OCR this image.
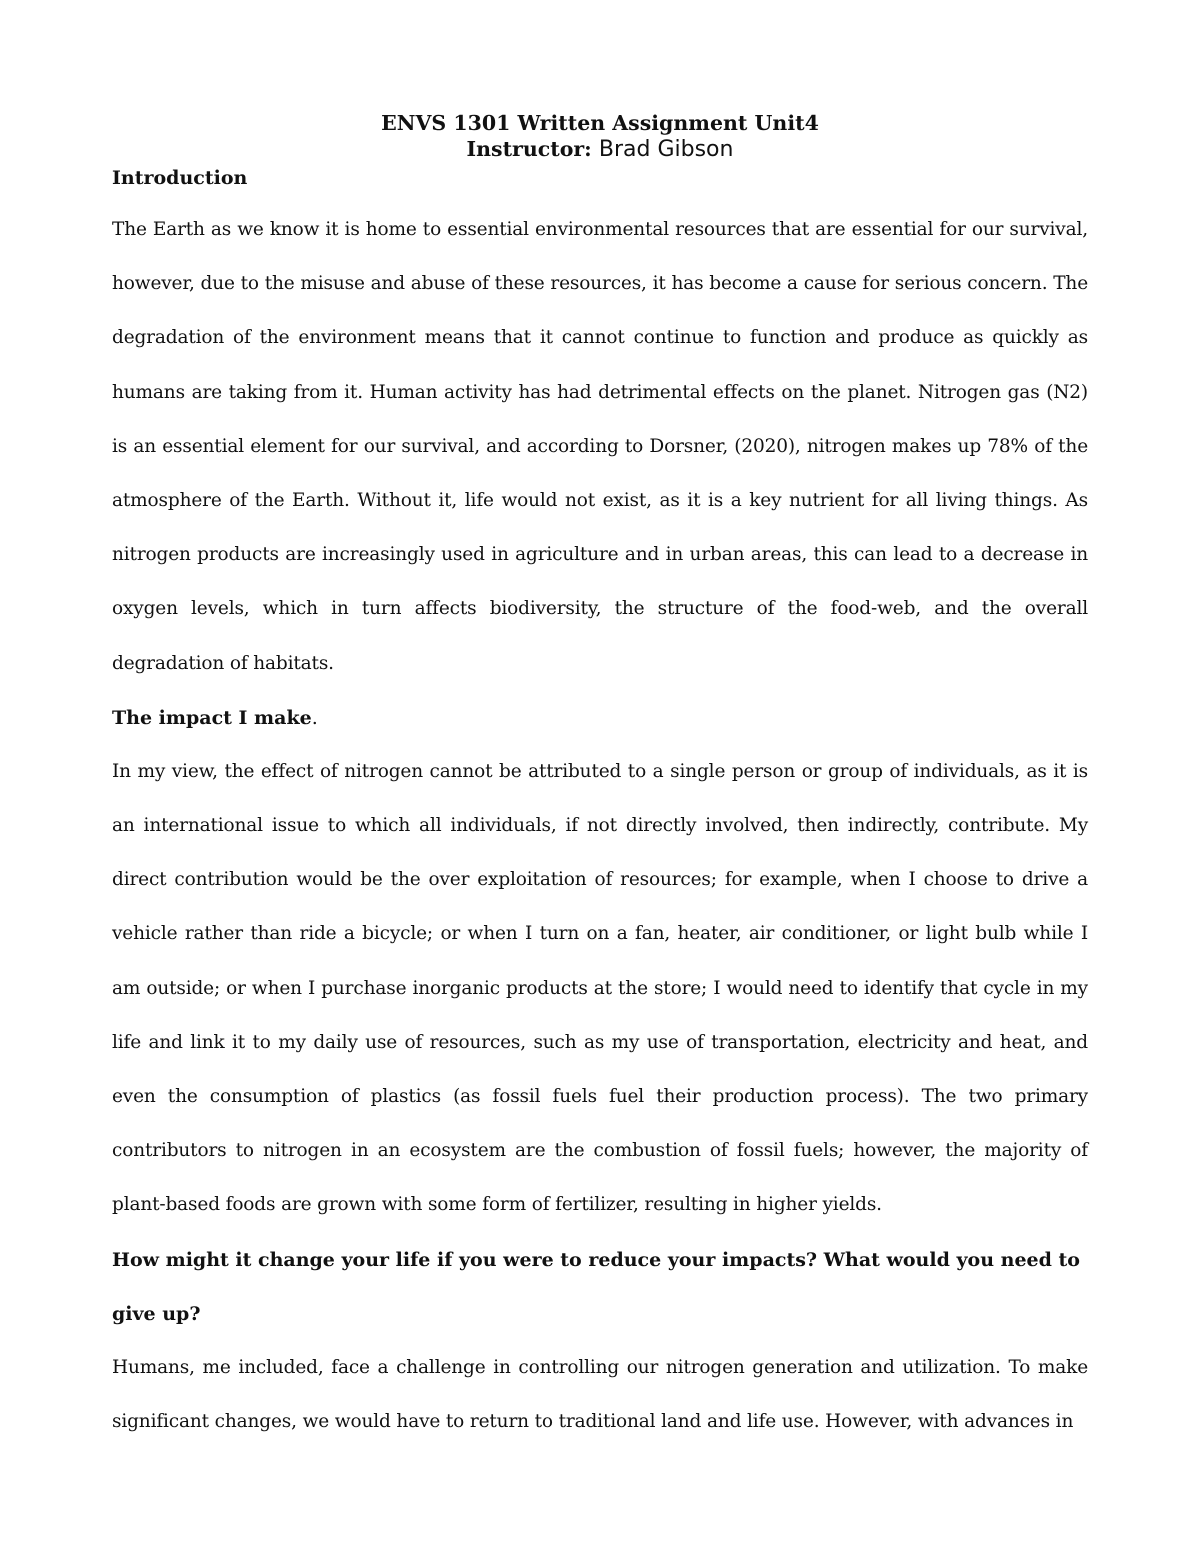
ENVS 1301 Written Assignment Unit4
Instructor: Brad Gibson

Introduction

The Earth as we know it is home to essential environmental resources that are essential for our survival, however, due to the misuse and abuse of these resources, it has become a cause for serious concern. The degradation of the environment means that it cannot continue to function and produce as quickly as humans are taking from it. Human activity has had detrimental effects on the planet. Nitrogen gas (N2) is an essential element for our survival, and according to Dorsner, (2020), nitrogen makes up 78% of the atmosphere of the Earth. Without it, life would not exist, as it is a key nutrient for all living things. As nitrogen products are increasingly used in agriculture and in urban areas, this can lead to a decrease in oxygen levels, which in turn affects biodiversity, the structure of the food-web, and the overall degradation of habitats.

The impact I make.

In my view, the effect of nitrogen cannot be attributed to a single person or group of individuals, as it is an international issue to which all individuals, if not directly involved, then indirectly, contribute. My direct contribution would be the over exploitation of resources; for example, when I choose to drive a vehicle rather than ride a bicycle; or when I turn on a fan, heater, air conditioner, or light bulb while I am outside; or when I purchase inorganic products at the store; I would need to identify that cycle in my life and link it to my daily use of resources, such as my use of transportation, electricity and heat, and even the consumption of plastics (as fossil fuels fuel their production process). The two primary contributors to nitrogen in an ecosystem are the combustion of fossil fuels; however, the majority of plant-based foods are grown with some form of fertilizer, resulting in higher yields.

How might it change your life if you were to reduce your impacts? What would you need to give up?

Humans, me included, face a challenge in controlling our nitrogen generation and utilization. To make significant changes, we would have to return to traditional land and life use. However, with advances in
